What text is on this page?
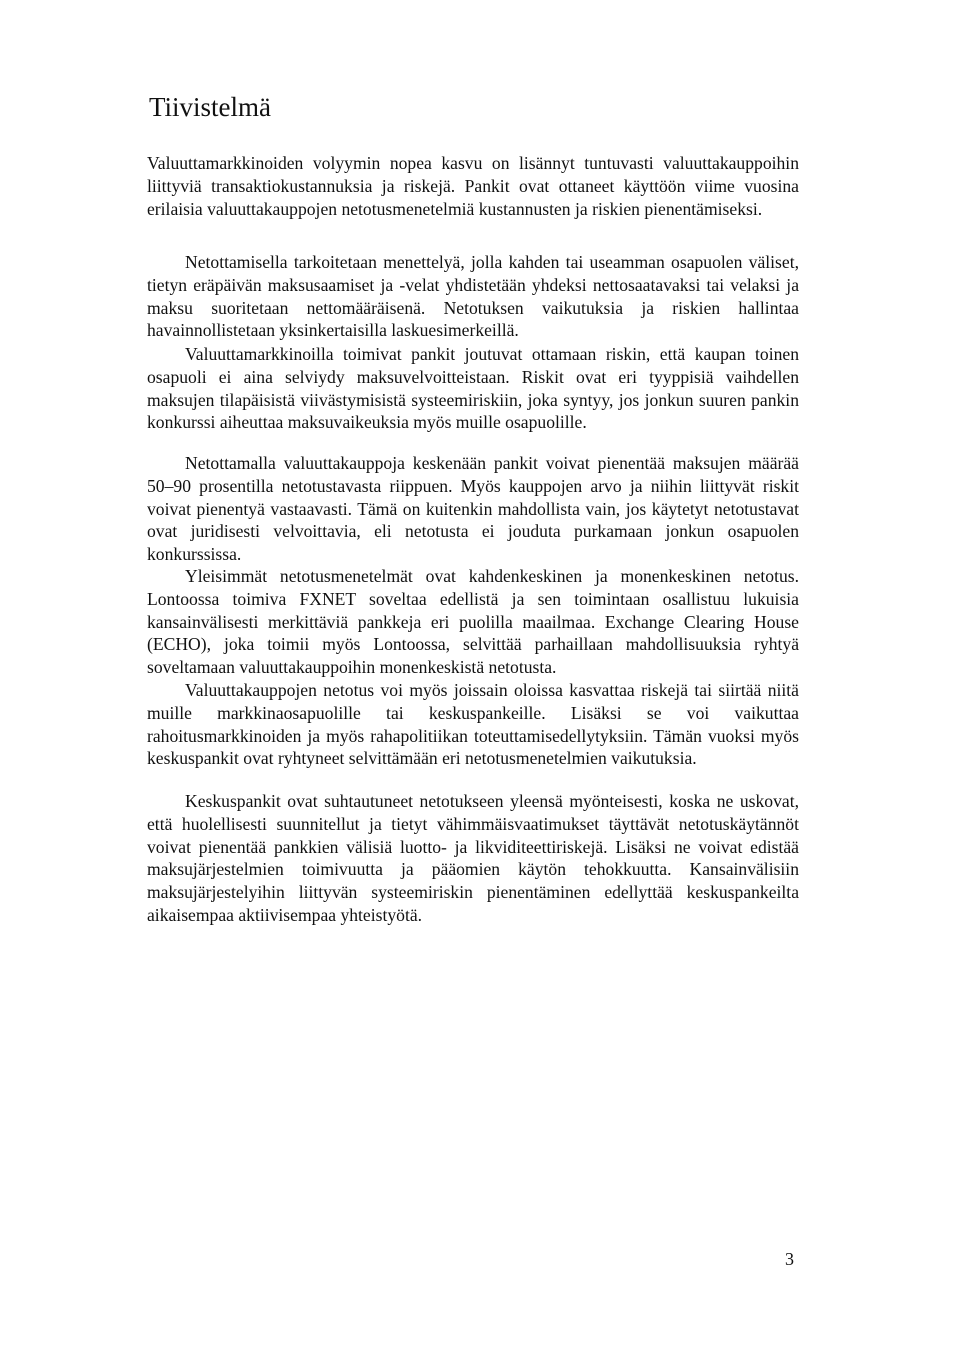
Tiivistelmä

Valuuttamarkkinoiden volyymin nopea kasvu on lisännyt tuntuvasti valuuttakauppoihin liittyviä transaktiokustannuksia ja riskejä. Pankit ovat ottaneet käyttöön viime vuosina erilaisia valuuttakauppojen netotusmenetelmiä kustannusten ja riskien pienentämiseksi.

Netottamisella tarkoitetaan menettelyä, jolla kahden tai useamman osapuolen väliset, tietyn eräpäivän maksusaamiset ja -velat yhdistetään yhdeksi nettosaatavaksi tai velaksi ja maksu suoritetaan nettomääräisenä. Netotuksen vaikutuksia ja riskien hallintaa havainnollistetaan yksinkertaisilla laskuesimerkeillä.

Valuuttamarkkinoilla toimivat pankit joutuvat ottamaan riskin, että kaupan toinen osapuoli ei aina selviydy maksuvelvoitteistaan. Riskit ovat eri tyyppisiä vaihdellen maksujen tilapäisistä viivästymisistä systeemiriskiin, joka syntyy, jos jonkun suuren pankin konkurssi aiheuttaa maksuvaikeuksia myös muille osapuolille.

Netottamalla valuuttakauppoja keskenään pankit voivat pienentää maksujen määrää 50–90 prosentilla netotustavasta riippuen. Myös kauppojen arvo ja niihin liittyvät riskit voivat pienentyä vastaavasti. Tämä on kuitenkin mahdollista vain, jos käytetyt netotustavat ovat juridisesti velvoittavia, eli netotusta ei jouduta purkamaan jonkun osapuolen konkurssissa.

Yleisimmät netotusmenetelmät ovat kahdenkeskinen ja monenkeskinen netotus. Lontoossa toimiva FXNET soveltaa edellistä ja sen toimintaan osallistuu lukuisia kansainvälisesti merkittäviä pankkeja eri puolilla maailmaa. Exchange Clearing House (ECHO), joka toimii myös Lontoossa, selvittää parhaillaan mahdollisuuksia ryhtyä soveltamaan valuuttakauppoihin monenkeskistä netotusta.

Valuuttakauppojen netotus voi myös joissain oloissa kasvattaa riskejä tai siirtää niitä muille markkinaosapuolille tai keskuspankeille. Lisäksi se voi vaikuttaa rahoitusmarkkinoiden ja myös rahapolitiikan toteuttamisedellytyksiin. Tämän vuoksi myös keskuspankit ovat ryhtyneet selvittämään eri netotusmenetelmien vaikutuksia.

Keskuspankit ovat suhtautuneet netotukseen yleensä myönteisesti, koska ne uskovat, että huolellisesti suunnitellut ja tietyt vähimmäisvaatimukset täyttävät netotuskäytännöt voivat pienentää pankkien välisiä luotto- ja likviditeettiriskejä. Lisäksi ne voivat edistää maksujärjestelmien toimivuutta ja pääomien käytön tehokkuutta. Kansainvälisiin maksujärjestelyihin liittyvän systeemiriskin pienentäminen edellyttää keskuspankeilta aikaisempaa aktiivisempaa yhteistyötä.

3
